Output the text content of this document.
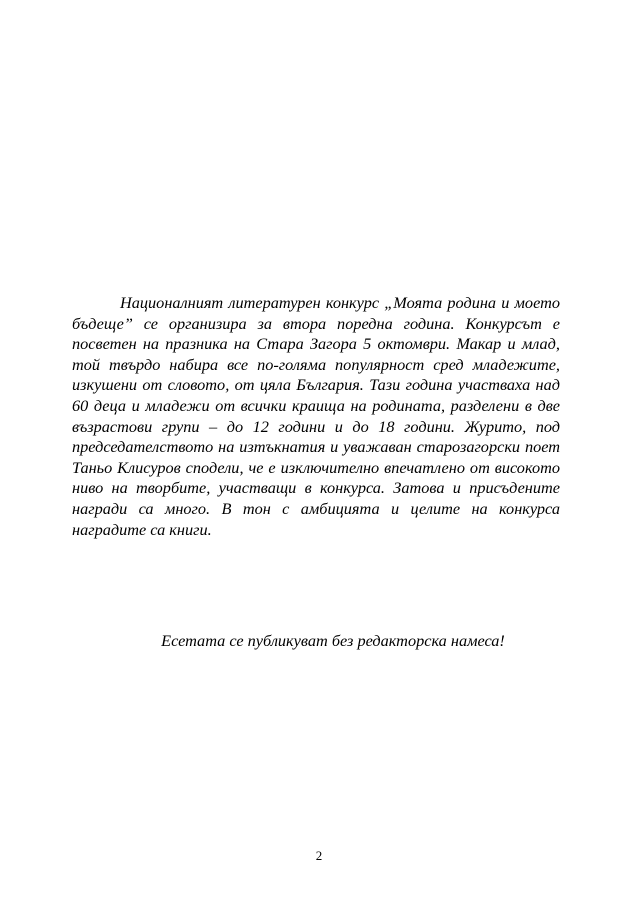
Националният литературен конкурс „Моята родина и моето бъдеще” се организира за втора поредна година. Конкурсът е посветен на празника на Стара Загора 5 октомври. Макар и млад, той твърдо набира все по-голяма популярност сред младежите, изкушени от словото, от цяла България. Тази година участваха над 60 деца и младежи от всички краища на родината, разделени в две възрастови групи – до 12 години и до 18 години. Журито, под председателството на изтъкнатия и уважаван старозагорски поет Таньо Клисуров сподели, че е изключително впечатлено от високото ниво на творбите, участващи в конкурса. Затова и присъдените награди са много. В тон с амбицията и целите на конкурса наградите са книги.

Есетата се публикуват без редакторска намеса!

2
